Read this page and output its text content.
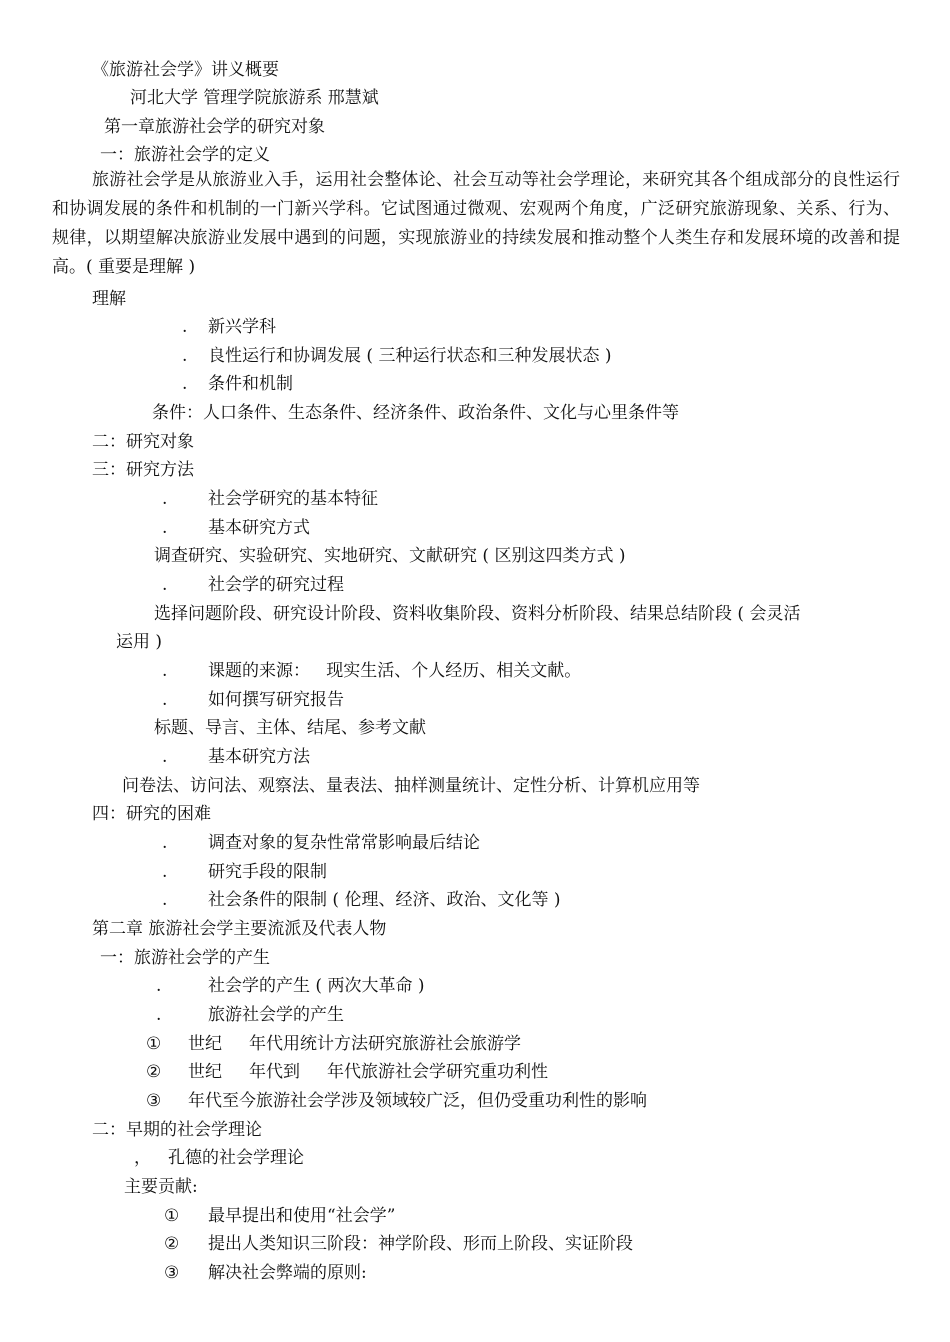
《旅游社会学》讲义概要
河北大学 管理学院旅游系 邢慧斌
第一章旅游社会学的研究对象
一：旅游社会学的定义
旅游社会学是从旅游业入手，运用社会整体论、社会互动等社会学理论，来研究其各个组成部分的良性运行和协调发展的条件和机制的一门新兴学科。它试图通过微观、宏观两个角度，广泛研究旅游现象、关系、行为、规律，以期望解决旅游业发展中遇到的问题，实现旅游业的持续发展和推动整个人类生存和发展环境的改善和提高。( 重要是理解 )
理解
. 新兴学科
. 良性运行和协调发展 ( 三种运行状态和三种发展状态 )
. 条件和机制
条件：人口条件、生态条件、经济条件、政治条件、文化与心里条件等
二：研究对象
三：研究方法
. 社会学研究的基本特征
. 基本研究方式
调查研究、实验研究、实地研究、文献研究 ( 区别这四类方式 )
. 社会学的研究过程
选择问题阶段、研究设计阶段、资料收集阶段、资料分析阶段、结果总结阶段 ( 会灵活
运用 )
. 课题的来源：   现实生活、个人经历、相关文献。
. 如何撰写研究报告
标题、导言、主体、结尾、参考文献
. 基本研究方法
问卷法、访问法、观察法、量表法、抽样测量统计、定性分析、计算机应用等
四：研究的困难
. 调查对象的复杂性常常影响最后结论
. 研究手段的限制
. 社会条件的限制 ( 伦理、经济、政治、文化等 )
第二章 旅游社会学主要流派及代表人物
一：旅游社会学的产生
.	社会学的产生 ( 两次大革命 )
.	旅游社会学的产生
① 世纪     年代用统计方法研究旅游社会旅游学
② 世纪     年代到     年代旅游社会学研究重功利性
③ 年代至今旅游社会学涉及领域较广泛，但仍受重功利性的影响
二：早期的社会学理论
， 孔德的社会学理论
主要贡献:
① 最早提出和使用“社会学”
② 提出人类知识三阶段：神学阶段、形而上阶段、实证阶段
③ 解决社会弊端的原则:
